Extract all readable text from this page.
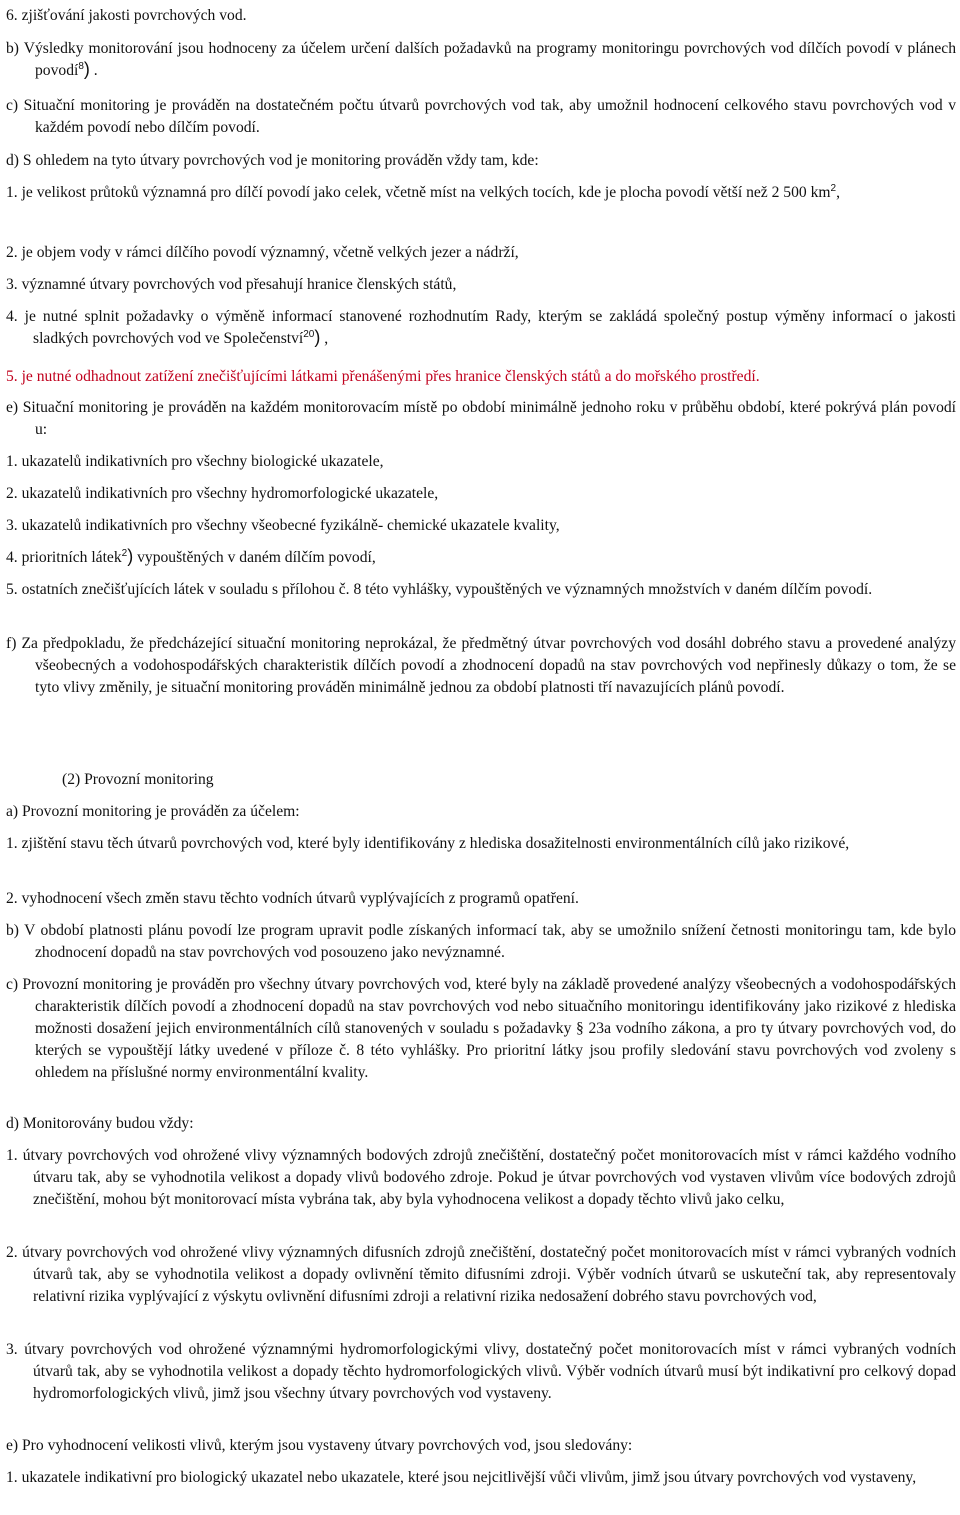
6. zjišťování jakosti povrchových vod.

b) Výsledky monitorování jsou hodnoceny za účelem určení dalších požadavků na programy monitoringu povrchových vod dílčích povodí v plánech povodí$^8$) .

c) Situační monitoring je prováděn na dostatečném počtu útvarů povrchových vod tak, aby umožnil hodnocení celkového stavu povrchových vod v každém povodí nebo dílčím povodí.

d) S ohledem na tyto útvary povrchových vod je monitoring prováděn vždy tam, kde:

1. je velikost průtoků významná pro dílčí povodí jako celek, včetně míst na velkých tocích, kde je plocha povodí větší než 2 500 $km^2$,

2. je objem vody v rámci dílčího povodí významný, včetně velkých jezer a nádrží,

3. významné útvary povrchových vod přesahují hranice členských států,

4. je nutné splnit požadavky o výměně informací stanovené rozhodnutím Rady, kterým se zakládá společný postup výměny informací o jakosti sladkých povrchových vod ve Společenství$^{20}$) ,

5. je nutné odhadnout zatížení znečišťujícími látkami přenášenými přes hranice členských států a do mořského prostředí.

e) Situační monitoring je prováděn na každém monitorovacím místě po období minimálně jednoho roku v průběhu období, které pokrývá plán povodí u:

1. ukazatelů indikativních pro všechny biologické ukazatele,

2. ukazatelů indikativních pro všechny hydromorfologické ukazatele,

3. ukazatelů indikativních pro všechny všeobecné fyzikálně- chemické ukazatele kvality,

4. prioritních látek$^2$) vypouštěných v daném dílčím povodí,

5. ostatních znečišťujících látek v souladu s přílohou č. 8 této vyhlášky, vypouštěných ve významných množstvích v daném dílčím povodí.

f) Za předpokladu, že předcházející situační monitoring neprokázal, že předmětný útvar povrchových vod dosáhl dobrého stavu a provedené analýzy všeobecných a vodohospodářských charakteristik dílčích povodí a zhodnocení dopadů na stav povrchových vod nepřinesly důkazy o tom, že se tyto vlivy změnily, je situační monitoring prováděn minimálně jednou za období platnosti tří navazujících plánů povodí.

(2) Provozní monitoring

a) Provozní monitoring je prováděn za účelem:

1. zjištění stavu těch útvarů povrchových vod, které byly identifikovány z hlediska dosažitelnosti environmentálních cílů jako rizikové,

2. vyhodnocení všech změn stavu těchto vodních útvarů vyplývajících z programů opatření.

b) V období platnosti plánu povodí lze program upravit podle získaných informací tak, aby se umožnilo snížení četnosti monitoringu tam, kde bylo zhodnocení dopadů na stav povrchových vod posouzeno jako nevýznamné.

c) Provozní monitoring je prováděn pro všechny útvary povrchových vod, které byly na základě provedené analýzy všeobecných a vodohospodářských charakteristik dílčích povodí a zhodnocení dopadů na stav povrchových vod nebo situačního monitoringu identifikovány jako rizikové z hlediska možnosti dosažení jejich environmentálních cílů stanovených v souladu s požadavky § 23a vodního zákona, a pro ty útvary povrchových vod, do kterých se vypouštějí látky uvedené v příloze č. 8 této vyhlášky. Pro prioritní látky jsou profily sledování stavu povrchových vod zvoleny s ohledem na příslušné normy environmentální kvality.

d) Monitorovány budou vždy:

1. útvary povrchových vod ohrožené vlivy významných bodových zdrojů znečištění, dostatečný počet monitorovacích míst v rámci každého vodního útvaru tak, aby se vyhodnotila velikost a dopady vlivů bodového zdroje. Pokud je útvar povrchových vod vystaven vlivům více bodových zdrojů znečištění, mohou být monitorovací místa vybrána tak, aby byla vyhodnocena velikost a dopady těchto vlivů jako celku,

2. útvary povrchových vod ohrožené vlivy významných difusních zdrojů znečištění, dostatečný počet monitorovacích míst v rámci vybraných vodních útvarů tak, aby se vyhodnotila velikost a dopady ovlivnění těmito difusními zdroji. Výběr vodních útvarů se uskuteční tak, aby representovaly relativní rizika vyplývající z výskytu ovlivnění difusními zdroji a relativní rizika nedosažení dobrého stavu povrchových vod,

3. útvary povrchových vod ohrožené významnými hydromorfologickými vlivy, dostatečný počet monitorovacích míst v rámci vybraných vodních útvarů tak, aby se vyhodnotila velikost a dopady těchto hydromorfologických vlivů. Výběr vodních útvarů musí být indikativní pro celkový dopad hydromorfologických vlivů, jimž jsou všechny útvary povrchových vod vystaveny.

e) Pro vyhodnocení velikosti vlivů, kterým jsou vystaveny útvary povrchových vod, jsou sledovány:

1. ukazatele indikativní pro biologický ukazatel nebo ukazatele, které jsou nejcitlivější vůči vlivům, jimž jsou útvary povrchových vod vystaveny,
